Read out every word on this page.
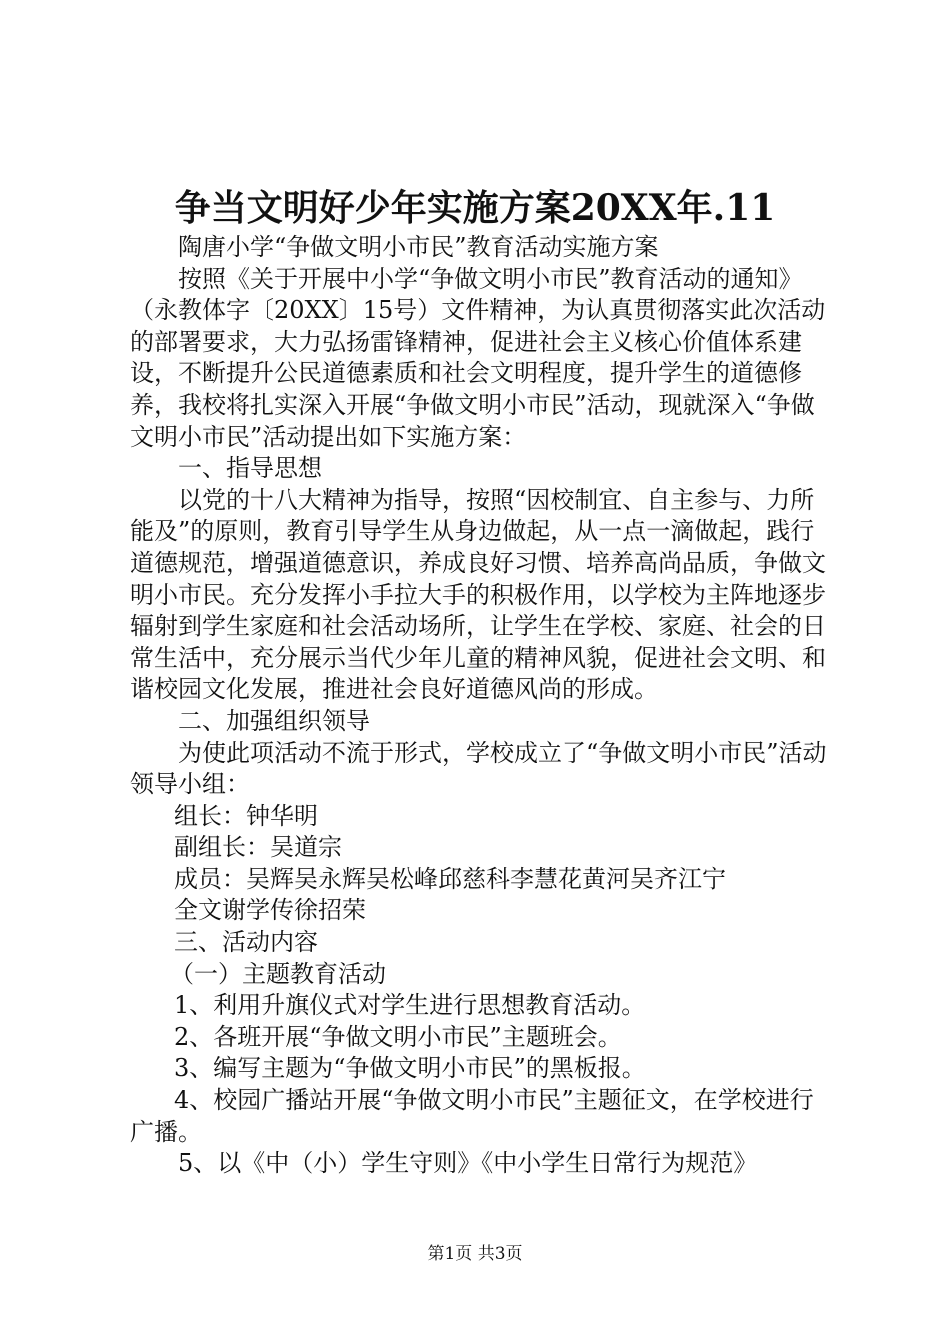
争当文明好少年实施方案20XX年.11

陶唐小学“争做文明小市民”教育活动实施方案

按照《关于开展中小学“争做文明小市民”教育活动的通知》（永教体字〔20XX〕15号）文件精神，为认真贯彻落实此次活动的部署要求，大力弘扬雷锋精神，促进社会主义核心价值体系建设，不断提升公民道德素质和社会文明程度，提升学生的道德修养，我校将扎实深入开展“争做文明小市民”活动，现就深入“争做文明小市民”活动提出如下实施方案：

一、指导思想

以党的十八大精神为指导，按照“因校制宜、自主参与、力所能及”的原则，教育引导学生从身边做起，从一点一滴做起，践行道德规范，增强道德意识，养成良好习惯、培养高尚品质，争做文明小市民。充分发挥小手拉大手的积极作用，以学校为主阵地逐步辐射到学生家庭和社会活动场所，让学生在学校、家庭、社会的日常生活中，充分展示当代少年儿童的精神风貌，促进社会文明、和谐校园文化发展，推进社会良好道德风尚的形成。

二、加强组织领导

为使此项活动不流于形式，学校成立了“争做文明小市民”活动领导小组：

组长：钟华明

副组长：吴道宗

成员：吴辉吴永辉吴松峰邱慈科李慧花黄河吴齐江宁

全文谢学传徐招荣

三、活动内容

（一）主题教育活动

1、利用升旗仪式对学生进行思想教育活动。

2、各班开展“争做文明小市民”主题班会。

3、编写主题为“争做文明小市民”的黑板报。

4、校园广播站开展“争做文明小市民”主题征文，在学校进行广播。

5、以《中（小）学生守则》《中小学生日常行为规范》

第1页 共3页
